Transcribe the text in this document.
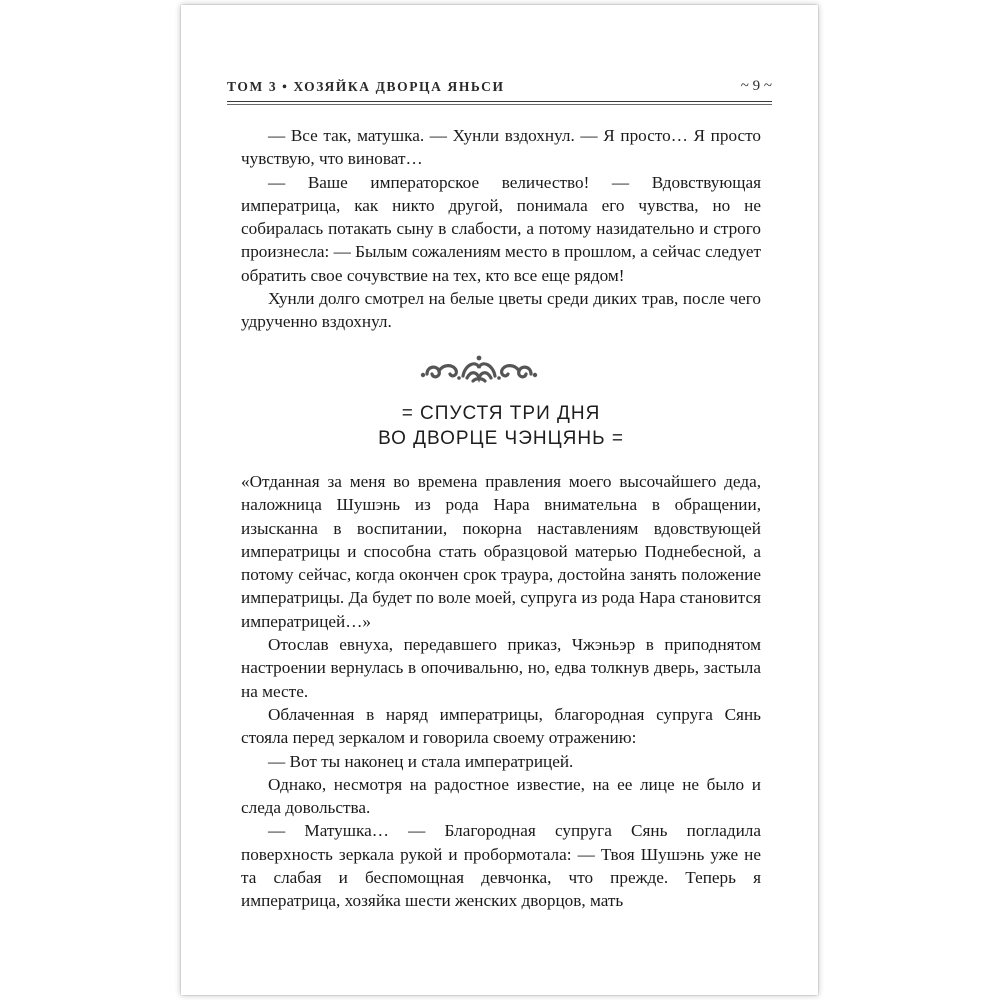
ТОМ 3 • ХОЗЯЙКА ДВОРЦА ЯНЬСИ	~ 9 ~

— Все так, матушка. — Хунли вздохнул. — Я просто… Я просто чувствую, что виноват…

— Ваше императорское величество! — Вдовствующая императрица, как никто другой, понимала его чувства, но не собиралась потакать сыну в слабости, а потому назидательно и строго произнесла: — Былым сожалениям место в прошлом, а сейчас следует обратить свое сочувствие на тех, кто все еще рядом!

Хунли долго смотрел на белые цветы среди диких трав, после чего удрученно вздохнул.

= СПУСТЯ ТРИ ДНЯ
ВО ДВОРЦЕ ЧЭНЦЯНЬ =

«Отданная за меня во времена правления моего высочайшего деда, наложница Шушэнь из рода Нара внимательна в обращении, изысканна в воспитании, покорна наставлениям вдовствующей императрицы и способна стать образцовой матерью Поднебесной, а потому сейчас, когда окончен срок траура, достойна занять положение императрицы. Да будет по воле моей, супруга из рода Нара становится императрицей…»

Отослав евнуха, передавшего приказ, Чжэньэр в приподнятом настроении вернулась в опочивальню, но, едва толкнув дверь, застыла на месте.

Облаченная в наряд императрицы, благородная супруга Сянь стояла перед зеркалом и говорила своему отражению:

— Вот ты наконец и стала императрицей.

Однако, несмотря на радостное известие, на ее лице не было и следа довольства.

— Матушка… — Благородная супруга Сянь погладила поверхность зеркала рукой и пробормотала: — Твоя Шушэнь уже не та слабая и беспомощная девчонка, что прежде. Теперь я императрица, хозяйка шести женских дворцов, мать
